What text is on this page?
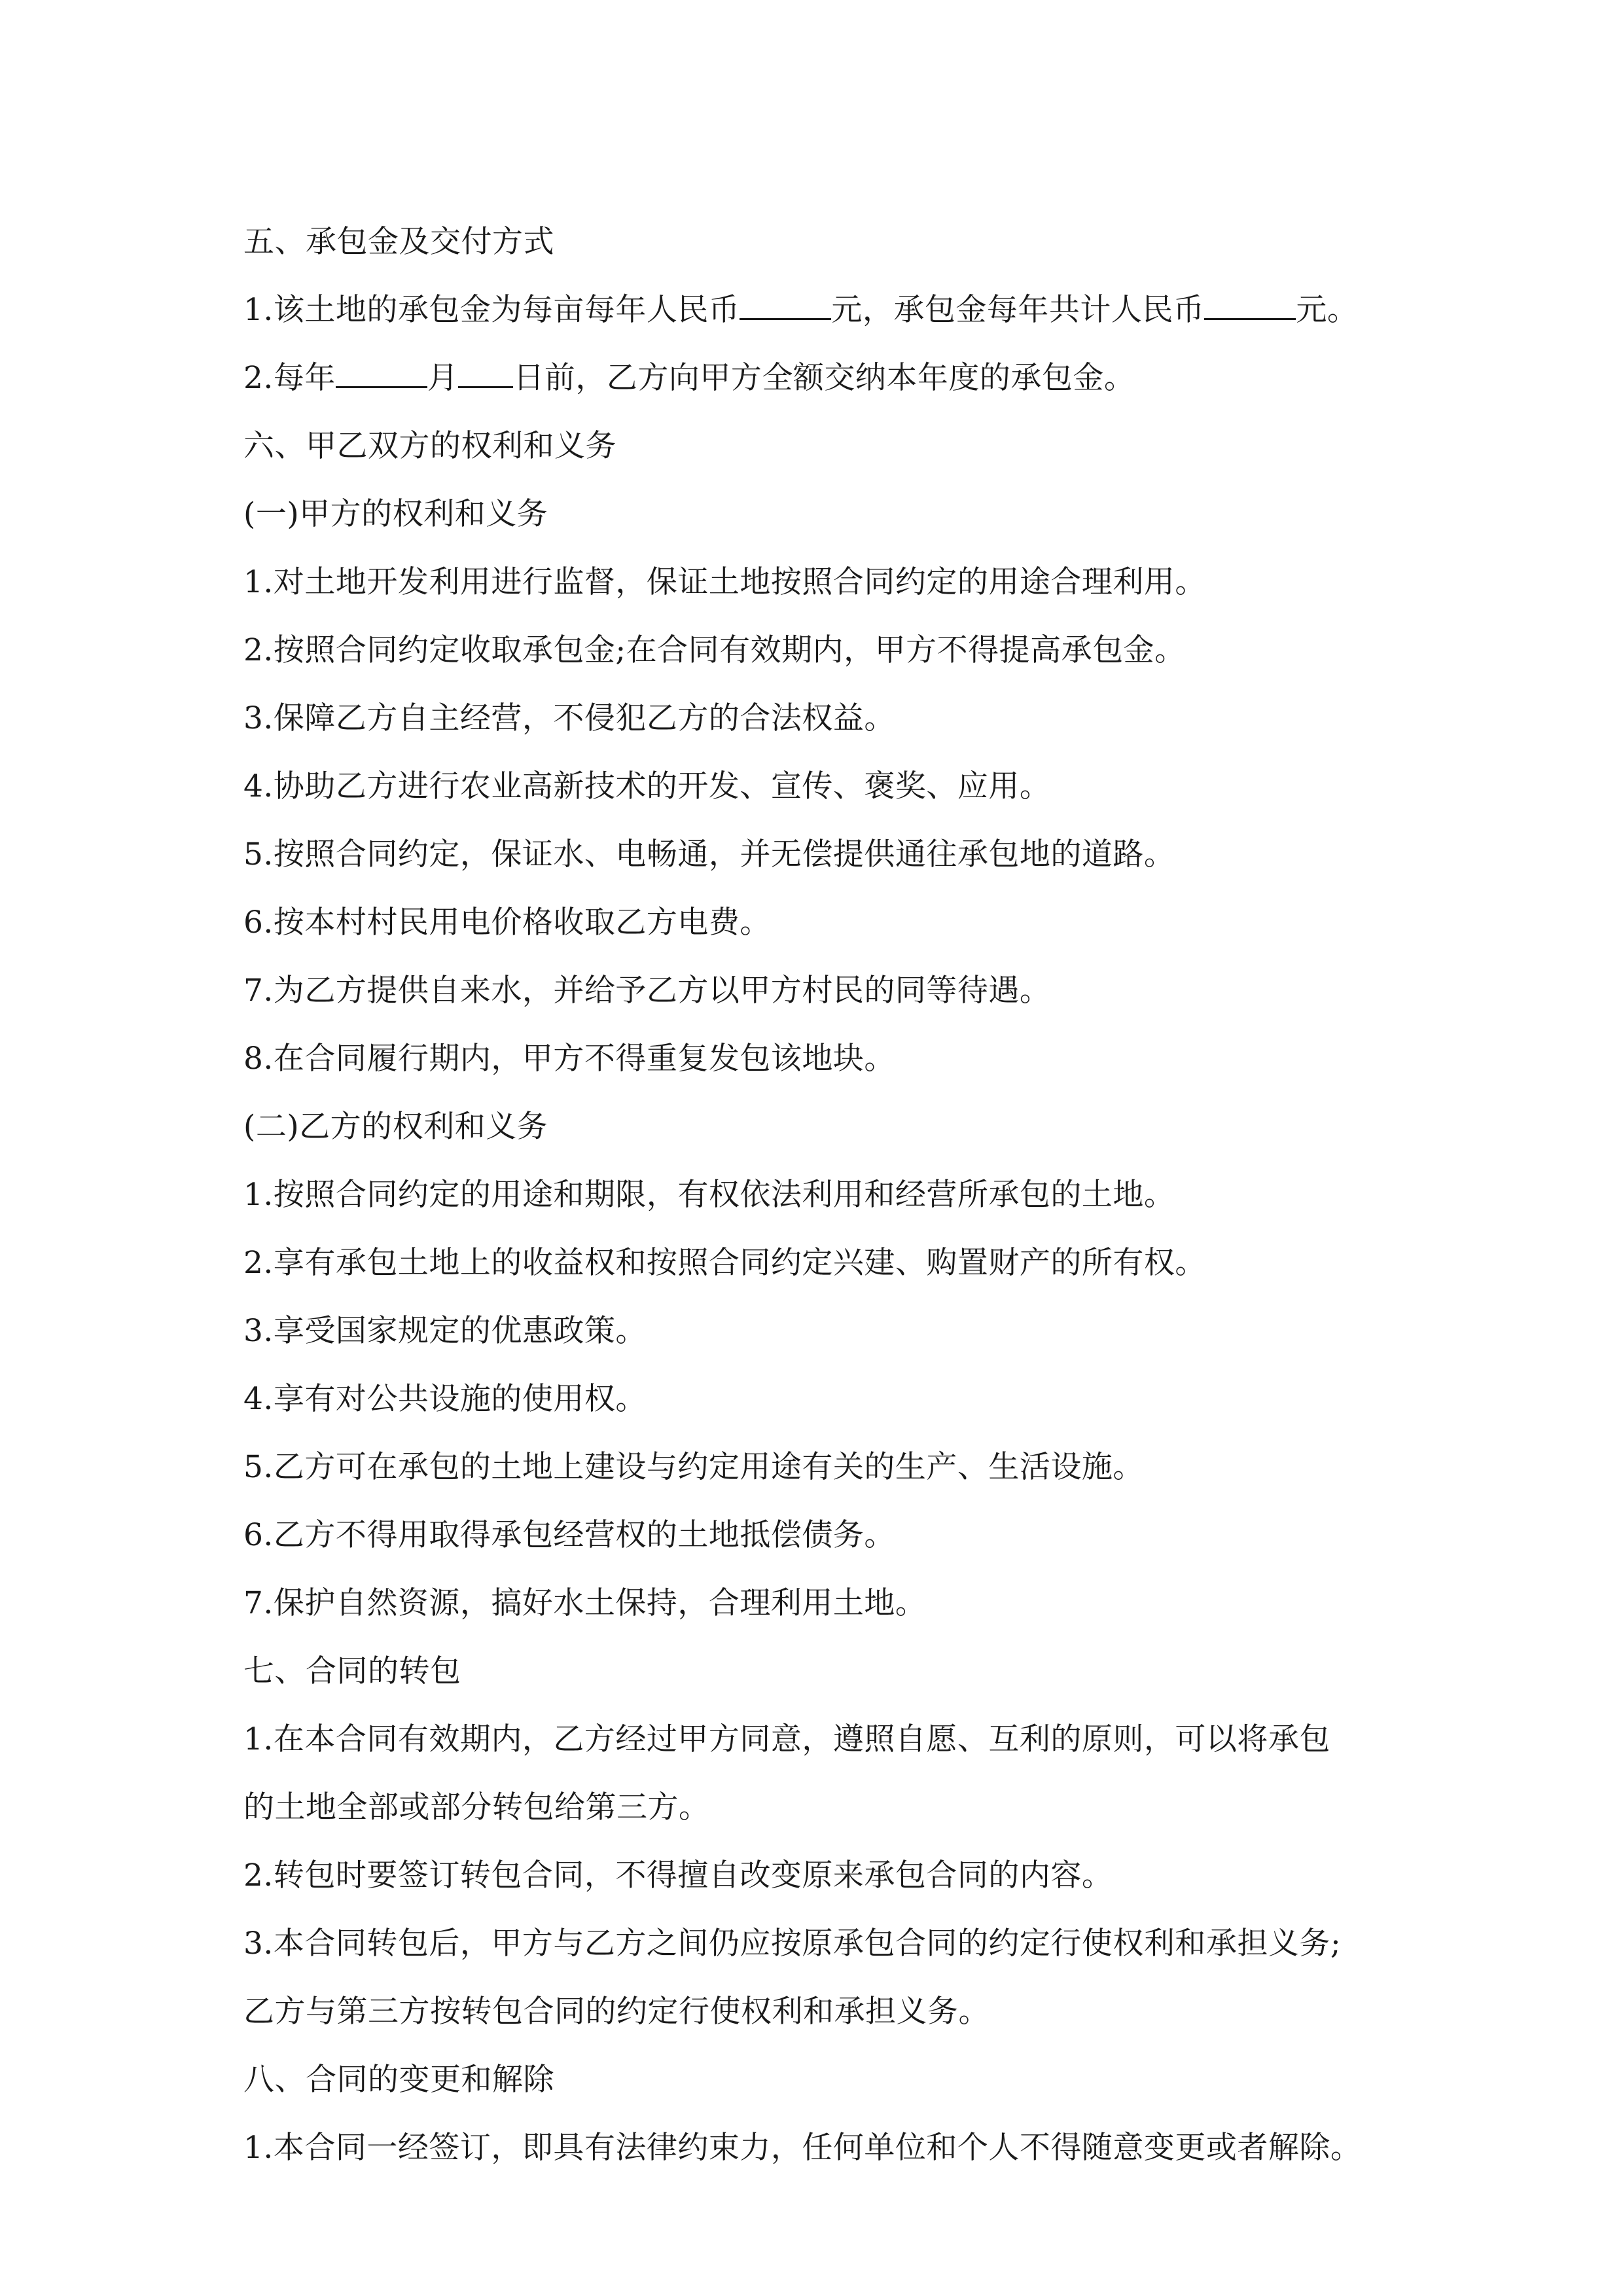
五、承包金及交付方式
1.该土地的承包金为每亩每年人民币	元，承包金每年共计人民币	元。
2.每年	月 日前，乙方向甲方全额交纳本年度的承包金。
六、甲乙双方的权利和义务
(一)甲方的权利和义务
1.对土地开发利用进行监督，保证土地按照合同约定的用途合理利用。
2.按照合同约定收取承包金;在合同有效期内，甲方不得提高承包金。
3.保障乙方自主经营，不侵犯乙方的合法权益。
4.协助乙方进行农业高新技术的开发、宣传、褒奖、应用。
5.按照合同约定，保证水、电畅通，并无偿提供通往承包地的道路。
6.按本村村民用电价格收取乙方电费。
7.为乙方提供自来水，并给予乙方以甲方村民的同等待遇。
8.在合同履行期内，甲方不得重复发包该地块。
(二)乙方的权利和义务
1.按照合同约定的用途和期限，有权依法利用和经营所承包的土地。
2.享有承包土地上的收益权和按照合同约定兴建、购置财产的所有权。
3.享受国家规定的优惠政策。
4.享有对公共设施的使用权。
5.乙方可在承包的土地上建设与约定用途有关的生产、生活设施。
6.乙方不得用取得承包经营权的土地抵偿债务。
7.保护自然资源，搞好水土保持，合理利用土地。
七、合同的转包
1.在本合同有效期内，乙方经过甲方同意，遵照自愿、互利的原则，可以将承包
的土地全部或部分转包给第三方。
2.转包时要签订转包合同，不得擅自改变原来承包合同的内容。
3.本合同转包后，甲方与乙方之间仍应按原承包合同的约定行使权利和承担义务;
乙方与第三方按转包合同的约定行使权利和承担义务。
八、合同的变更和解除
1.本合同一经签订，即具有法律约束力，任何单位和个人不得随意变更或者解除。
